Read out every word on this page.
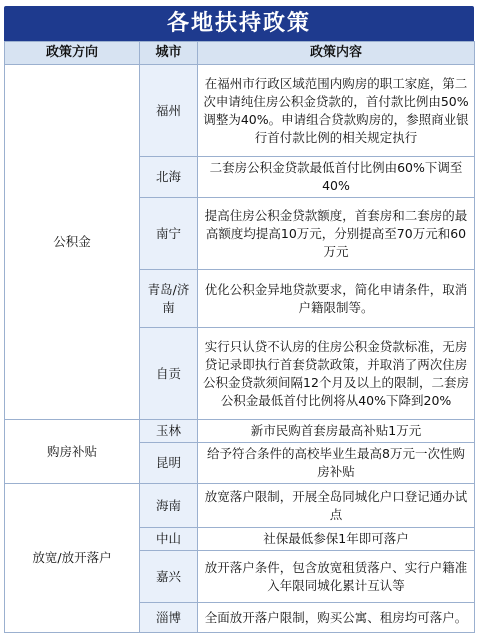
各地扶持政策
政策方向	城市	政策内容
公积金	福州	在福州市行政区域范围内购房的职工家庭，第二次申请纯住房公积金贷款的，首付款比例由50%调整为40%。申请组合贷款购房的，参照商业银行首付款比例的相关规定执行
	北海	二套房公积金贷款最低首付比例由60%下调至40%
	南宁	提高住房公积金贷款额度，首套房和二套房的最高额度均提高10万元，分别提高至70万元和60万元
	青岛/济南	优化公积金异地贷款要求，简化申请条件，取消户籍限制等。
	自贡	实行只认贷不认房的住房公积金贷款标准，无房贷记录即执行首套贷款政策，并取消了两次住房公积金贷款须间隔12个月及以上的限制，二套房公积金最低首付比例将从40%下降到20%
购房补贴	玉林	新市民购首套房最高补贴1万元
	昆明	给予符合条件的高校毕业生最高8万元一次性购房补贴
放宽/放开落户	海南	放宽落户限制，开展全岛同城化户口登记通办试点
	中山	社保最低参保1年即可落户
	嘉兴	放开落户条件，包含放宽租赁落户、实行户籍准入年限同城化累计互认等
	淄博	全面放开落户限制，购买公寓、租房均可落户。
